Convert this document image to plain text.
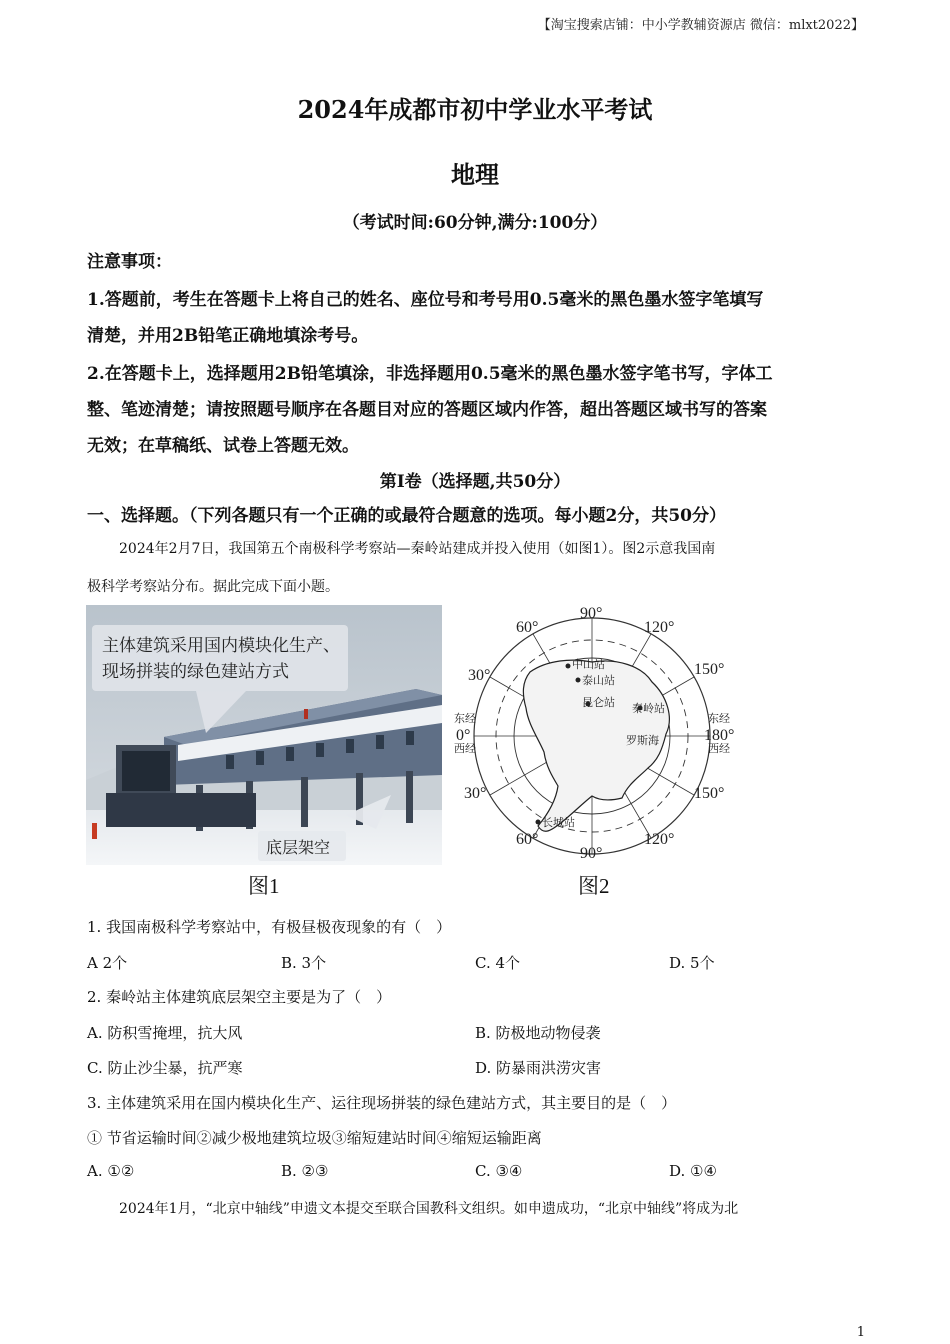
【淘宝搜索店铺：中小学教辅资源店 微信：mlxt2022】
2024年成都市初中学业水平考试
地理
（考试时间:60分钟,满分:100分）
注意事项：
1.答题前，考生在答题卡上将自己的姓名、座位号和考号用0.5毫米的黑色墨水签字笔填写
清楚，并用2B铅笔正确地填涂考号。
2.在答题卡上，选择题用2B铅笔填涂，非选择题用0.5毫米的黑色墨水签字笔书写，字体工
整、笔迹清楚；请按照题号顺序在各题目对应的答题区域内作答，超出答题区域书写的答案
无效；在草稿纸、试卷上答题无效。
第Ⅰ卷（选择题,共50分）
一、选择题。（下列各题只有一个正确的或最符合题意的选项。每小题2分，共50分）
2024年2月7日，我国第五个南极科学考察站—秦岭站建成并投入使用（如图1）。图2示意我国南
极科学考察站分布。据此完成下面小题。
主体建筑采用国内模块化生产、
现场拼装的绿色建站方式
底层架空
中山站
泰山站
昆仑站 秦岭站
罗斯海
长城站
90°
90°
60°	120°
30°	150°
30°	150°
60°	120°
0°	180°
东经
西经
东经
西经
图1	图2
1. 我国南极科学考察站中，有极昼极夜现象的有（　）
A 2个	B. 3个	C. 4个	D. 5个
2. 秦岭站主体建筑底层架空主要是为了（　）
A. 防积雪掩埋，抗大风	B. 防极地动物侵袭
C. 防止沙尘暴，抗严寒	D. 防暴雨洪涝灾害
3. 主体建筑采用在国内模块化生产、运往现场拼装的绿色建站方式，其主要目的是（　）
① 节省运输时间②减少极地建筑垃圾③缩短建站时间④缩短运输距离
A. ①②	B. ②③	C. ③④	D. ①④
2024年1月，“北京中轴线”申遗文本提交至联合国教科文组织。如申遗成功，“北京中轴线”将成为北
1
